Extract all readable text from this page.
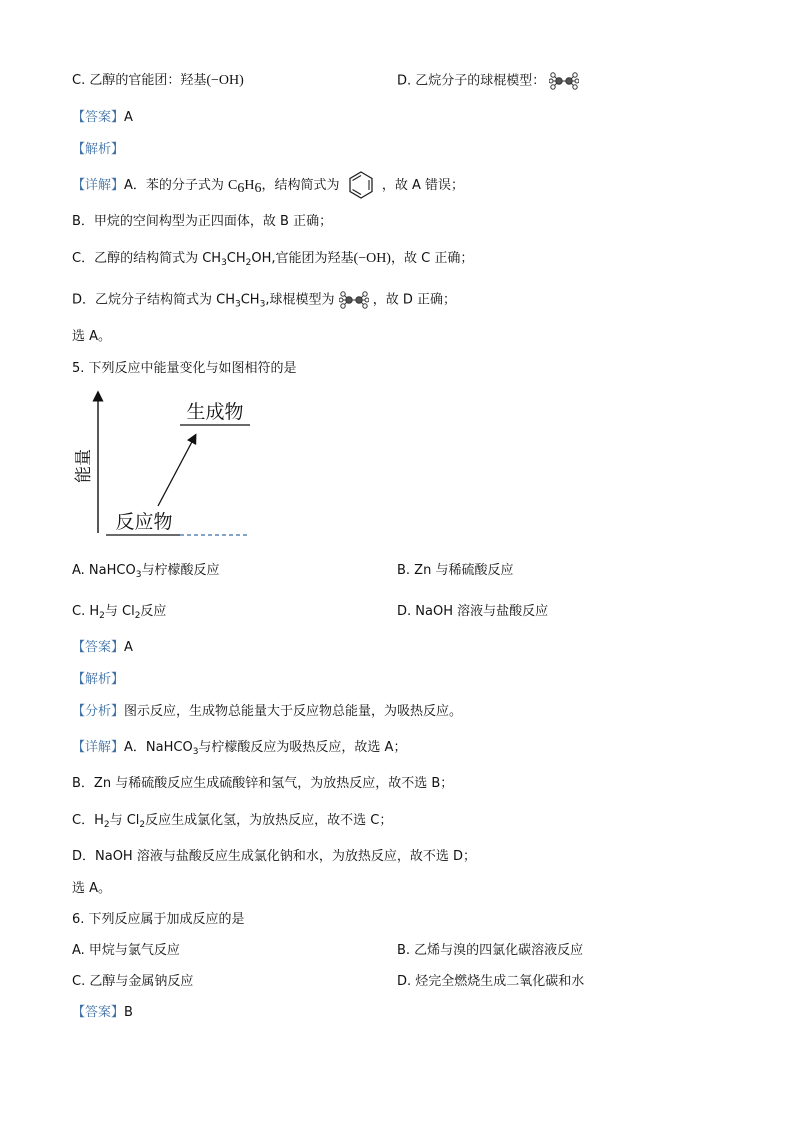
C. 乙醇的官能团：羟基(−OH)	D. 乙烷分子的球棍模型：
【答案】A
【解析】
【详解】A．苯的分子式为 $C_6H_6$，结构简式为	，故 A 错误；
B．甲烷的空间构型为正四面体，故 B 正确；
C．乙醇的结构简式为 $CH_3CH_2OH$,官能团为羟基(−OH)，故 C 正确；
D．乙烷分子结构简式为 $CH_3CH_3$,球棍模型为	，故 D 正确；
选 A。
5. 下列反应中能量变化与如图相符的是
能量
生成物
反应物
A. NaHCO$_3$与柠檬酸反应	B. Zn 与稀硫酸反应
C. $H_2$与 $Cl_2$反应	D. NaOH 溶液与盐酸反应
【答案】A
【解析】
【分析】图示反应，生成物总能量大于反应物总能量，为吸热反应。
【详解】A．NaHCO$_3$与柠檬酸反应为吸热反应，故选 A；
B．Zn 与稀硫酸反应生成硫酸锌和氢气，为放热反应，故不选 B；
C．$H_2$与 $Cl_2$反应生成氯化氢，为放热反应，故不选 C；
D．NaOH 溶液与盐酸反应生成氯化钠和水，为放热反应，故不选 D；
选 A。
6. 下列反应属于加成反应的是
A. 甲烷与氯气反应	B. 乙烯与溴的四氯化碳溶液反应
C. 乙醇与金属钠反应	D. 烃完全燃烧生成二氧化碳和水
【答案】B
